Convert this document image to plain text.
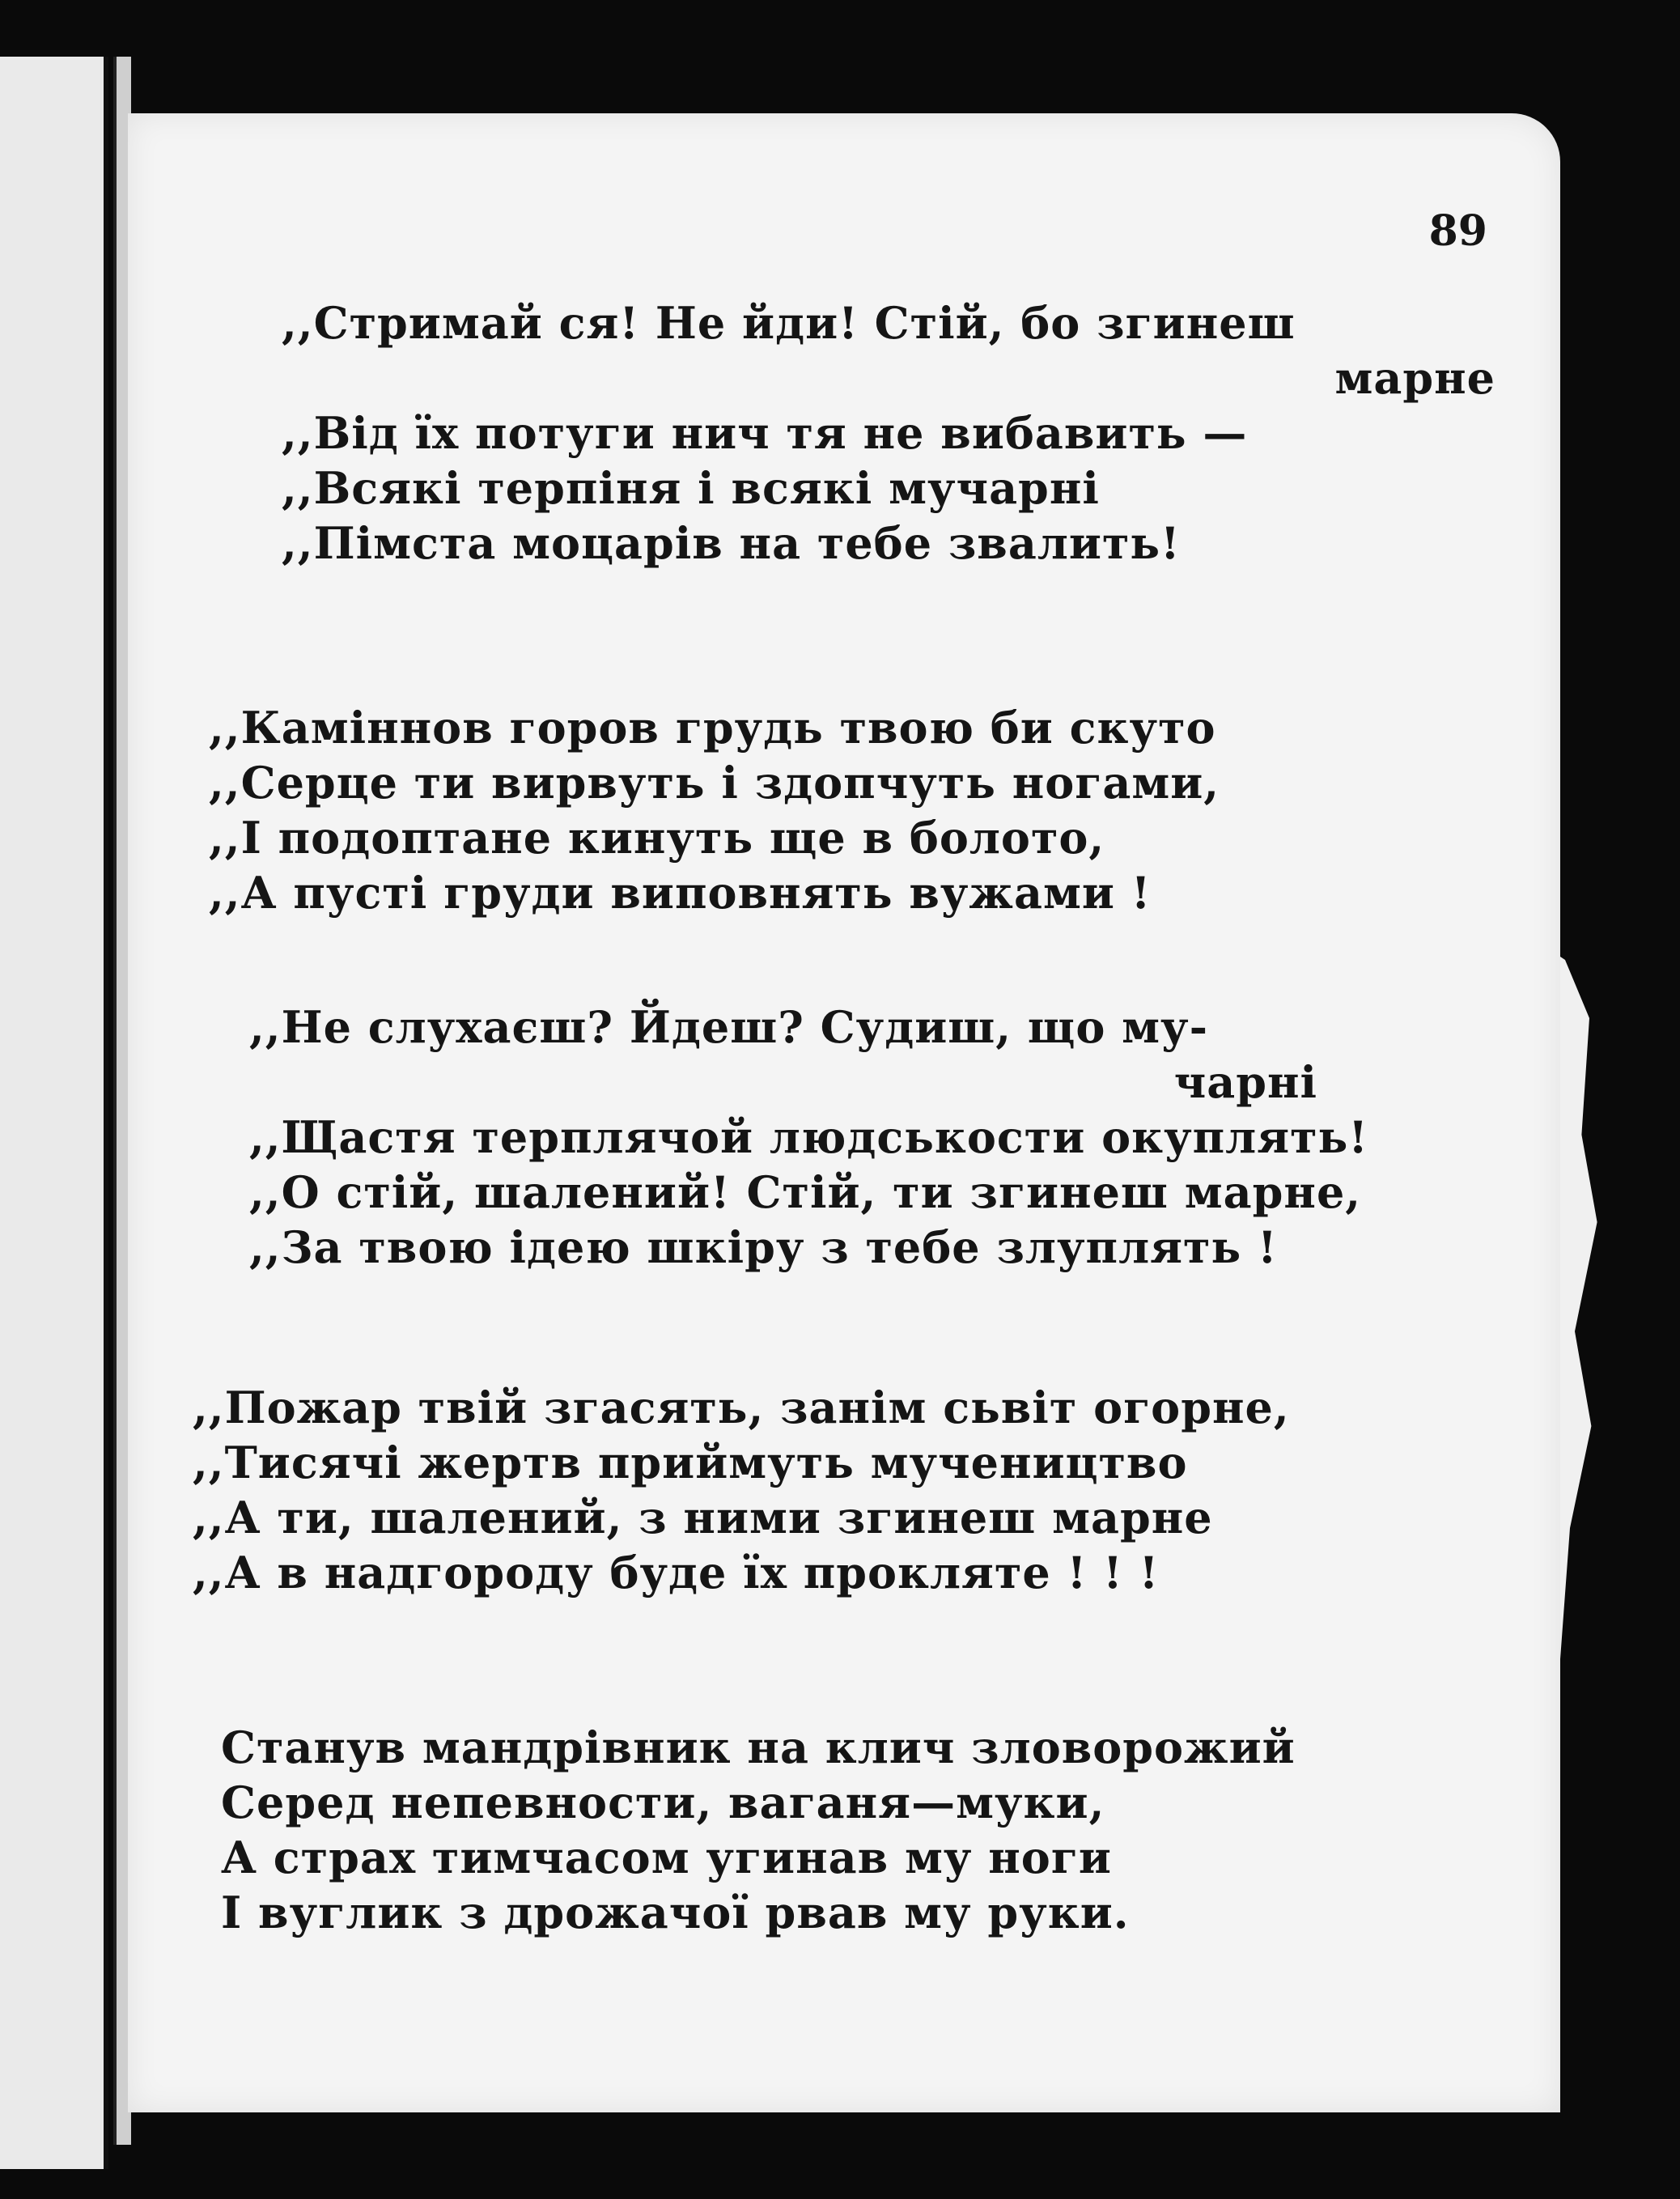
89
,,Стримай ся! Не йди! Стій, бо згинеш
марне
,,Від їх потуги нич тя не вибавить —
,,Всякі терпіня і всякі мучарні
,,Пімста моцарів на тебе звалить!
,,Каміннов горов грудь твою би скуто
,,Серце ти вирвуть і здопчуть ногами,
,,І подоптане кинуть ще в болото,
,,А пусті груди виповнять вужами !
,,Не слухаєш? Йдеш? Судиш, що му-
чарні
,,Щастя терплячой людськости окуплять!
,,О стій, шалений! Стій, ти згинеш марне,
,,За твою ідею шкіру з тебе злуплять !
,,Пожар твій згасять, занім сьвіт огорне,
,,Тисячі жертв приймуть мучеництво
,,А ти, шалений, з ними згинеш марне
,,А в надгороду буде їх прокляте ! ! !
Станув мандрівник на клич зловорожий
Серед непевности, ваганя—муки,
А страх тимчасом угинав му ноги
І вуглик з дрожачої рвав му руки.
